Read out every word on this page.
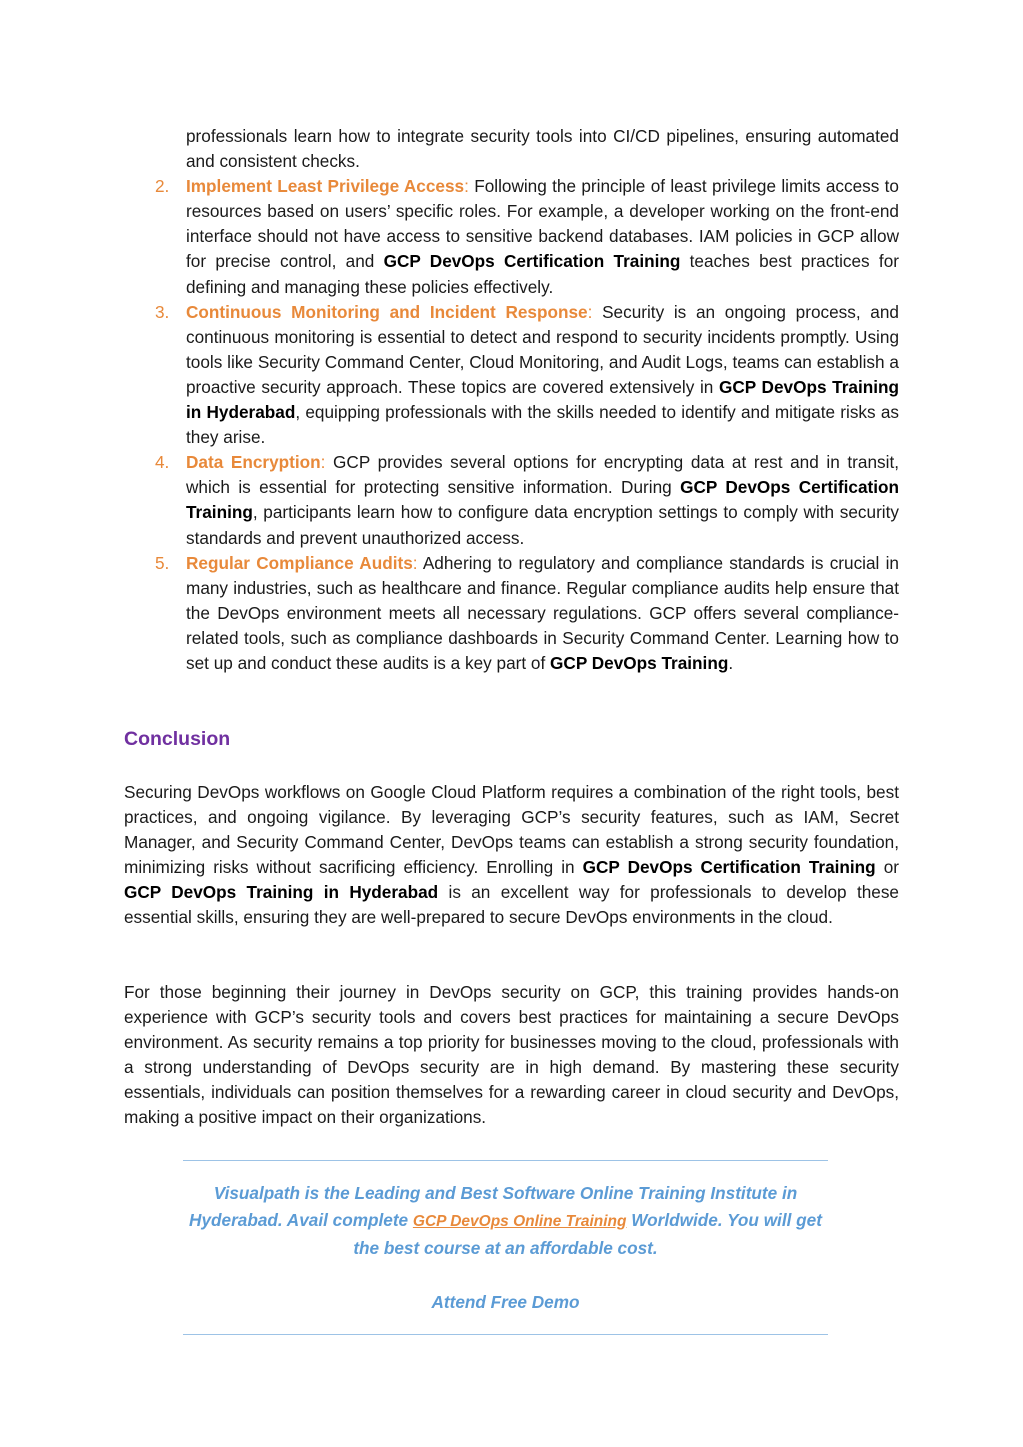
professionals learn how to integrate security tools into CI/CD pipelines, ensuring automated and consistent checks.
2. Implement Least Privilege Access: Following the principle of least privilege limits access to resources based on users’ specific roles. For example, a developer working on the front-end interface should not have access to sensitive backend databases. IAM policies in GCP allow for precise control, and GCP DevOps Certification Training teaches best practices for defining and managing these policies effectively.
3. Continuous Monitoring and Incident Response: Security is an ongoing process, and continuous monitoring is essential to detect and respond to security incidents promptly. Using tools like Security Command Center, Cloud Monitoring, and Audit Logs, teams can establish a proactive security approach. These topics are covered extensively in GCP DevOps Training in Hyderabad, equipping professionals with the skills needed to identify and mitigate risks as they arise.
4. Data Encryption: GCP provides several options for encrypting data at rest and in transit, which is essential for protecting sensitive information. During GCP DevOps Certification Training, participants learn how to configure data encryption settings to comply with security standards and prevent unauthorized access.
5. Regular Compliance Audits: Adhering to regulatory and compliance standards is crucial in many industries, such as healthcare and finance. Regular compliance audits help ensure that the DevOps environment meets all necessary regulations. GCP offers several compliance-related tools, such as compliance dashboards in Security Command Center. Learning how to set up and conduct these audits is a key part of GCP DevOps Training.
Conclusion

Securing DevOps workflows on Google Cloud Platform requires a combination of the right tools, best practices, and ongoing vigilance. By leveraging GCP’s security features, such as IAM, Secret Manager, and Security Command Center, DevOps teams can establish a strong security foundation, minimizing risks without sacrificing efficiency. Enrolling in GCP DevOps Certification Training or GCP DevOps Training in Hyderabad is an excellent way for professionals to develop these essential skills, ensuring they are well-prepared to secure DevOps environments in the cloud.

For those beginning their journey in DevOps security on GCP, this training provides hands-on experience with GCP’s security tools and covers best practices for maintaining a secure DevOps environment. As security remains a top priority for businesses moving to the cloud, professionals with a strong understanding of DevOps security are in high demand. By mastering these security essentials, individuals can position themselves for a rewarding career in cloud security and DevOps, making a positive impact on their organizations.

Visualpath is the Leading and Best Software Online Training Institute in Hyderabad. Avail complete GCP DevOps Online Training Worldwide. You will get the best course at an affordable cost.

Attend Free Demo
